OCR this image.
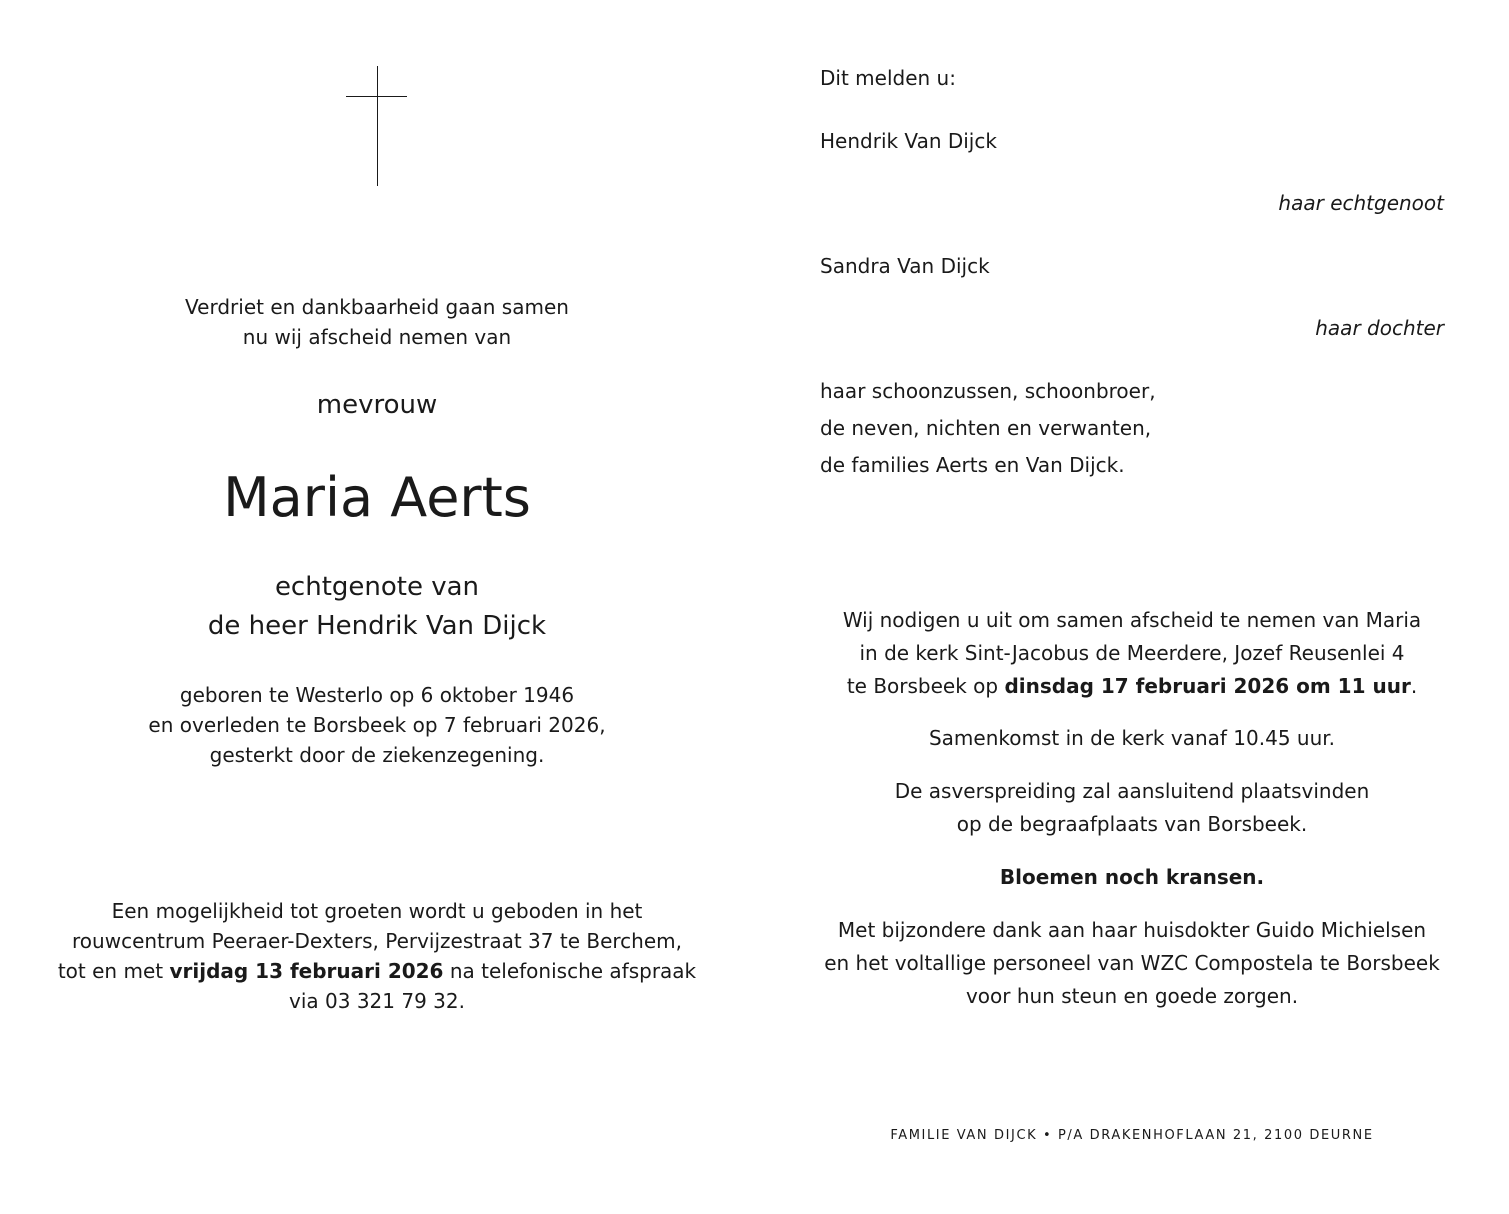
Verdriet en dankbaarheid gaan samen
nu wij afscheid nemen van
mevrouw
Maria Aerts
echtgenote van
de heer Hendrik Van Dijck
geboren te Westerlo op 6 oktober 1946
en overleden te Borsbeek op 7 februari 2026,
gesterkt door de ziekenzegening.
Een mogelijkheid tot groeten wordt u geboden in het
rouwcentrum Peeraer-Dexters, Pervijzestraat 37 te Berchem,
tot en met vrijdag 13 februari 2026 na telefonische afspraak
via 03 321 79 32.
Dit melden u:
Hendrik Van Dijck
haar echtgenoot
Sandra Van Dijck
haar dochter
haar schoonzussen, schoonbroer,
de neven, nichten en verwanten,
de families Aerts en Van Dijck.
Wij nodigen u uit om samen afscheid te nemen van Maria
in de kerk Sint-Jacobus de Meerdere, Jozef Reusenlei 4
te Borsbeek op dinsdag 17 februari 2026 om 11 uur.
Samenkomst in de kerk vanaf 10.45 uur.
De asverspreiding zal aansluitend plaatsvinden
op de begraafplaats van Borsbeek.
Bloemen noch kransen.
Met bijzondere dank aan haar huisdokter Guido Michielsen
en het voltallige personeel van WZC Compostela te Borsbeek
voor hun steun en goede zorgen.
FAMILIE VAN DIJCK • P/A DRAKENHOFLAAN 21, 2100 DEURNE
